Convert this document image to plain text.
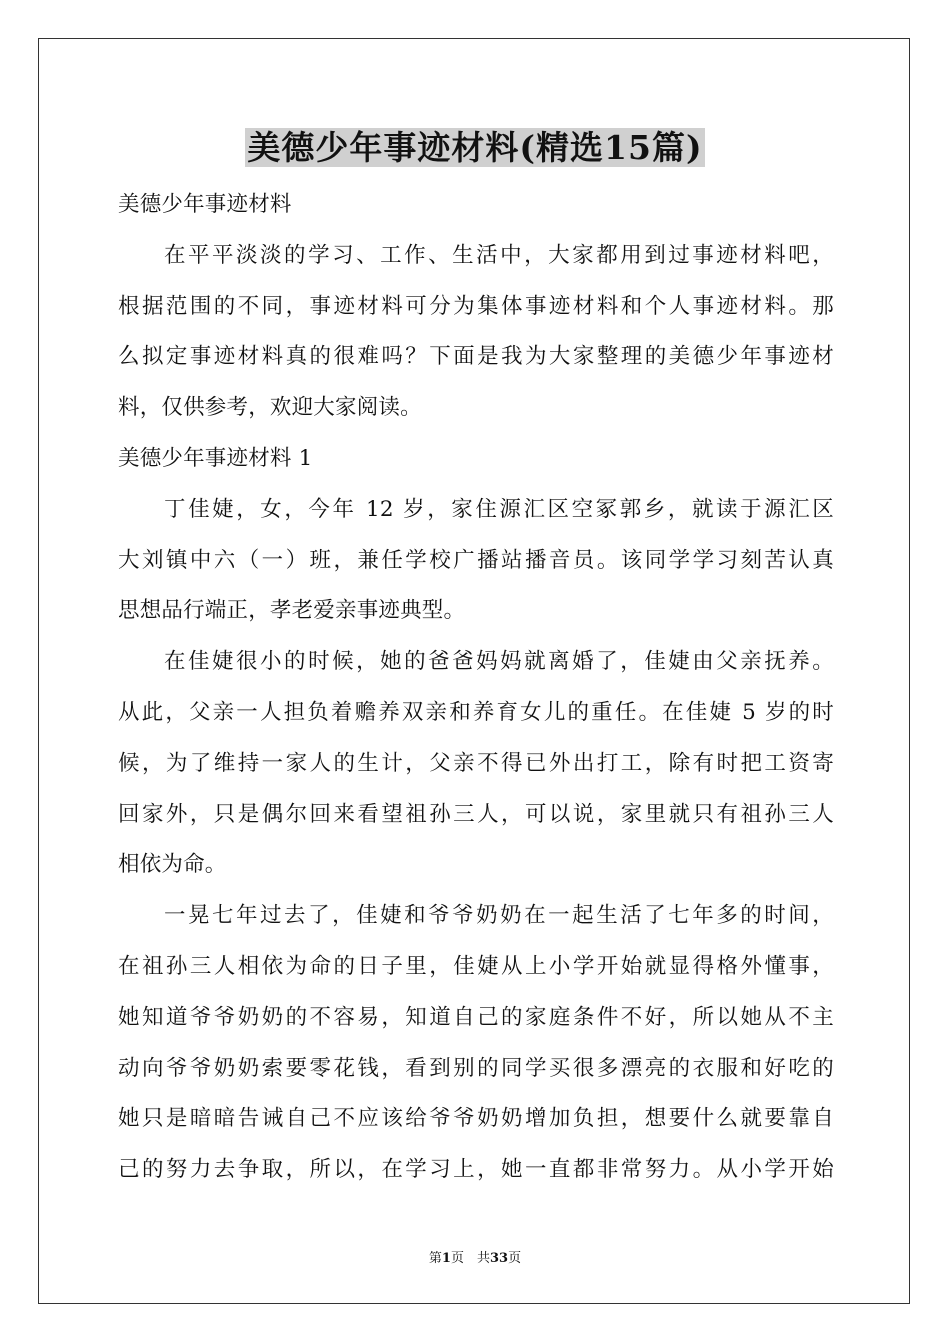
美德少年事迹材料(精选15篇)
美德少年事迹材料
在平平淡淡的学习、工作、生活中，大家都用到过事迹材料吧，
根据范围的不同，事迹材料可分为集体事迹材料和个人事迹材料。那
么拟定事迹材料真的很难吗？下面是我为大家整理的美德少年事迹材
料，仅供参考，欢迎大家阅读。
美德少年事迹材料 1
丁佳婕，女，今年 12 岁，家住源汇区空冢郭乡，就读于源汇区
大刘镇中六（一）班，兼任学校广播站播音员。该同学学习刻苦认真
思想品行端正，孝老爱亲事迹典型。
在佳婕很小的时候，她的爸爸妈妈就离婚了，佳婕由父亲抚养。
从此，父亲一人担负着赡养双亲和养育女儿的重任。在佳婕 5 岁的时
候，为了维持一家人的生计，父亲不得已外出打工，除有时把工资寄
回家外，只是偶尔回来看望祖孙三人，可以说，家里就只有祖孙三人
相依为命。
一晃七年过去了，佳婕和爷爷奶奶在一起生活了七年多的时间，
在祖孙三人相依为命的日子里，佳婕从上小学开始就显得格外懂事，
她知道爷爷奶奶的不容易，知道自己的家庭条件不好，所以她从不主
动向爷爷奶奶索要零花钱，看到别的同学买很多漂亮的衣服和好吃的
她只是暗暗告诫自己不应该给爷爷奶奶增加负担，想要什么就要靠自
己的努力去争取，所以，在学习上，她一直都非常努力。从小学开始
第1页　共33页
